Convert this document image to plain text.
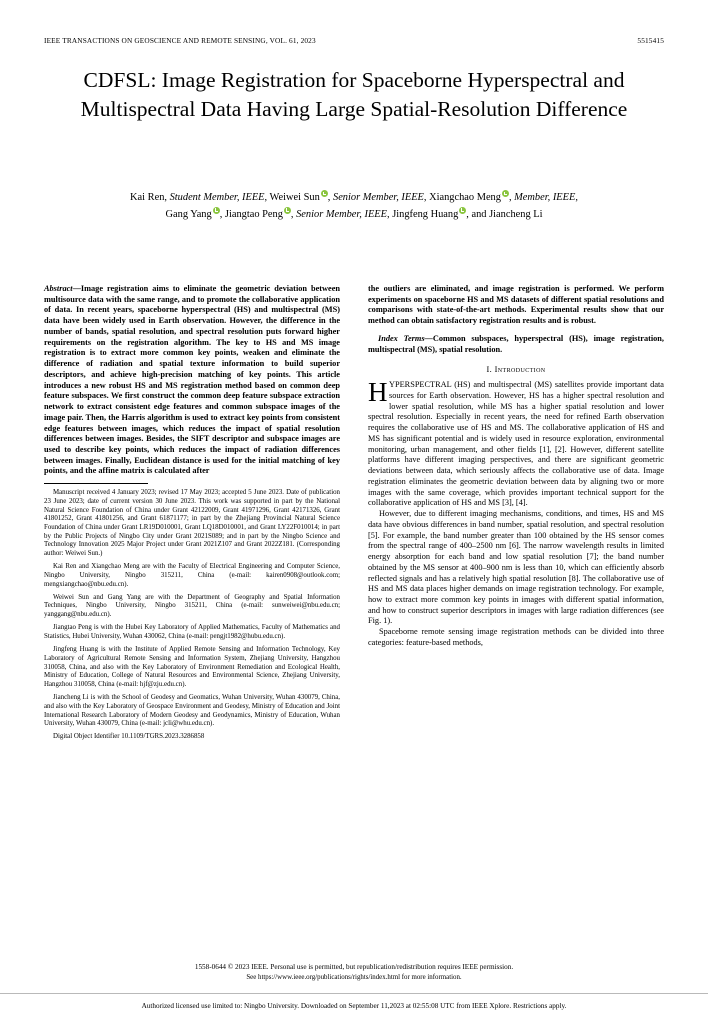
IEEE TRANSACTIONS ON GEOSCIENCE AND REMOTE SENSING, VOL. 61, 2023	5515415
CDFSL: Image Registration for Spaceborne Hyperspectral and Multispectral Data Having Large Spatial-Resolution Difference
Kai Ren, Student Member, IEEE, Weiwei Sun , Senior Member, IEEE, Xiangchao Meng , Member, IEEE,
Gang Yang , Jiangtao Peng , Senior Member, IEEE, Jingfeng Huang , and Jiancheng Li

Abstract—Image registration aims to eliminate the geometric deviation between multisource data with the same range, and to promote the collaborative application of data. In recent years, spaceborne hyperspectral (HS) and multispectral (MS) data have been widely used in Earth observation. However, the difference in the number of bands, spatial resolution, and spectral resolution puts forward higher requirements on the registration algorithm. The key to HS and MS image registration is to extract more common key points, weaken and eliminate the difference of radiation and spatial texture information to build superior descriptors, and achieve high-precision matching of key points. This article introduces a new robust HS and MS registration method based on common deep feature subspaces. We first construct the common deep feature subspace extraction network to extract consistent edge features and common subspace images of the image pair. Then, the Harris algorithm is used to extract key points from consistent edge features between images, which reduces the impact of spatial resolution differences between images. Besides, the SIFT descriptor and subspace images are used to describe key points, which reduces the impact of radiation differences between images. Finally, Euclidean distance is used for the initial matching of key points, and the affine matrix is calculated after

Manuscript received 4 January 2023; revised 17 May 2023; accepted 5 June 2023. Date of publication 23 June 2023; date of current version 30 June 2023. This work was supported in part by the National Natural Science Foundation of China under Grant 42122009, Grant 41971296, Grant 42171326, Grant 41801252, Grant 41801256, and Grant 61871177; in part by the Zhejiang Provincial Natural Science Foundation of China under Grant LR19D010001, Grant LQ18D010001, and Grant LY22F010014; in part by the Public Projects of Ningbo City under Grant 2021S089; and in part by the Ningbo Science and Technology Innovation 2025 Major Project under Grant 2021Z107 and Grant 2022Z181. (Corresponding author: Weiwei Sun.)

Kai Ren and Xiangchao Meng are with the Faculty of Electrical Engineering and Computer Science, Ningbo University, Ningbo 315211, China (e-mail: kairen0908@outlook.com; mengxiangchao@nbu.edu.cn).

Weiwei Sun and Gang Yang are with the Department of Geography and Spatial Information Techniques, Ningbo University, Ningbo 315211, China (e-mail: sunweiwei@nbu.edu.cn; yanggang@nbu.edu.cn).

Jiangtao Peng is with the Hubei Key Laboratory of Applied Mathematics, Faculty of Mathematics and Statistics, Hubei University, Wuhan 430062, China (e-mail: pengjt1982@hubu.edu.cn).

Jingfeng Huang is with the Institute of Applied Remote Sensing and Information Technology, Key Laboratory of Agricultural Remote Sensing and Information System, Zhejiang University, Hangzhou 310058, China, and also with the Key Laboratory of Environment Remediation and Ecological Health, Ministry of Education, College of Natural Resources and Environmental Science, Zhejiang University, Hangzhou 310058, China (e-mail: hjf@zju.edu.cn).

Jiancheng Li is with the School of Geodesy and Geomatics, Wuhan University, Wuhan 430079, China, and also with the Key Laboratory of Geospace Environment and Geodesy, Ministry of Education and Joint International Research Laboratory of Modern Geodesy and Geodynamics, Ministry of Education, Wuhan University, Wuhan 430079, China (e-mail: jcli@whu.edu.cn).

Digital Object Identifier 10.1109/TGRS.2023.3286858

the outliers are eliminated, and image registration is performed. We perform experiments on spaceborne HS and MS datasets of different spatial resolutions and comparisons with state-of-the-art methods. Experimental results show that our method can obtain satisfactory registration results and is robust.

Index Terms—Common subspaces, hyperspectral (HS), image registration, multispectral (MS), spatial resolution.

I. Introduction

HYPERSPECTRAL (HS) and multispectral (MS) satellites provide important data sources for Earth observation. However, HS has a higher spectral resolution and lower spatial resolution, while MS has a higher spatial resolution and lower spectral resolution. Especially in recent years, the need for refined Earth observation requires the collaborative use of HS and MS. The collaborative application of HS and MS has significant potential and is widely used in resource exploration, environmental monitoring, urban management, and other fields [1], [2]. However, different satellite platforms have different imaging perspectives, and there are significant geometric deviations between data, which seriously affects the collaborative use of data. Image registration eliminates the geometric deviation between data by aligning two or more images with the same coverage, which provides important technical support for the collaborative application of HS and MS [3], [4].

However, due to different imaging mechanisms, conditions, and times, HS and MS data have obvious differences in band number, spatial resolution, and spectral resolution [5]. For example, the band number greater than 100 obtained by the HS sensor comes from the spectral range of 400–2500 nm [6]. The narrow wavelength results in limited energy absorption for each band and low spatial resolution [7]; the band number obtained by the MS sensor at 400–900 nm is less than 10, which can efficiently absorb reflected signals and has a relatively high spatial resolution [8]. The collaborative use of HS and MS data places higher demands on image registration technology. For example, how to extract more common key points in images with different spatial information, and how to construct superior descriptors in images with large radiation differences (see Fig. 1).

Spaceborne remote sensing image registration methods can be divided into three categories: feature-based methods,

1558-0644 © 2023 IEEE. Personal use is permitted, but republication/redistribution requires IEEE permission.
See https://www.ieee.org/publications/rights/index.html for more information.
Authorized licensed use limited to: Ningbo University. Downloaded on September 11,2023 at 02:55:08 UTC from IEEE Xplore. Restrictions apply.
